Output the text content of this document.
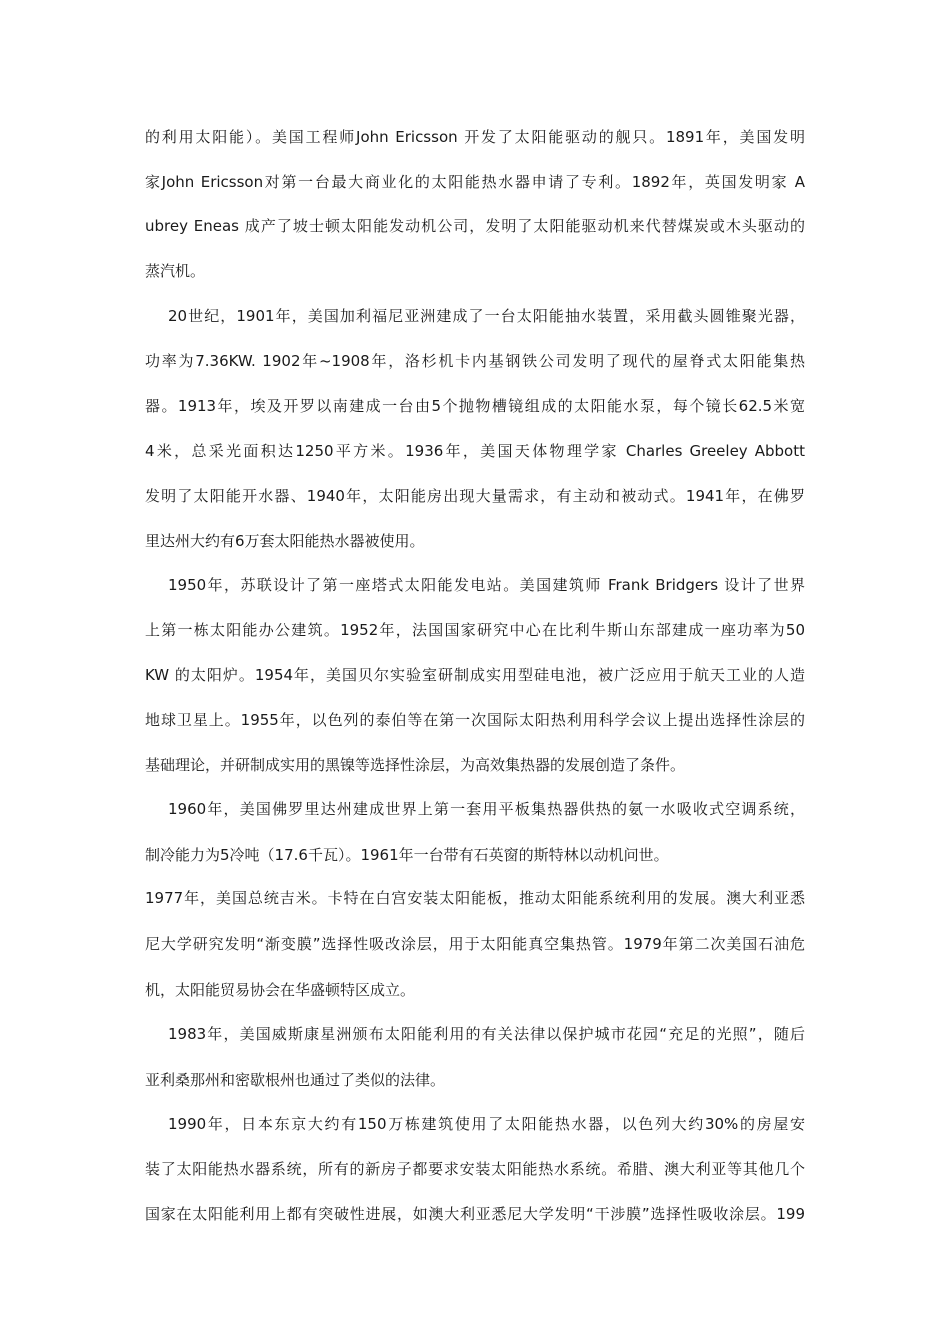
的利用太阳能）。美国工程师John Ericsson 开发了太阳能驱动的舰只。1891年，美国发明
家John Ericsson对第一台最大商业化的太阳能热水器申请了专利。1892年，英国发明家 A
ubrey Eneas 成产了坡士顿太阳能发动机公司，发明了太阳能驱动机来代替煤炭或木头驱动的
蒸汽机。
20世纪，1901年，美国加利福尼亚洲建成了一台太阳能抽水装置，采用截头圆锥聚光器，
功率为7.36KW. 1902年~1908年，洛杉机卡内基钢铁公司发明了现代的屋脊式太阳能集热
器。1913年，埃及开罗以南建成一台由5个抛物槽镜组成的太阳能水泵，每个镜长62.5米宽
4米，总采光面积达1250平方米。1936年，美国天体物理学家 Charles Greeley Abbott
发明了太阳能开水器、1940年，太阳能房出现大量需求，有主动和被动式。1941年，在佛罗
里达州大约有6万套太阳能热水器被使用。
1950年，苏联设计了第一座塔式太阳能发电站。美国建筑师 Frank Bridgers 设计了世界
上第一栋太阳能办公建筑。1952年，法国国家研究中心在比利牛斯山东部建成一座功率为50
KW 的太阳炉。1954年，美国贝尔实验室研制成实用型硅电池，被广泛应用于航天工业的人造
地球卫星上。1955年，以色列的泰伯等在第一次国际太阳热利用科学会议上提出选择性涂层的
基础理论，并研制成实用的黑镍等选择性涂层，为高效集热器的发展创造了条件。
1960年，美国佛罗里达州建成世界上第一套用平板集热器供热的氨一水吸收式空调系统，
制冷能力为5冷吨（17.6千瓦）。1961年一台带有石英窗的斯特林以动机问世。
1977年，美国总统吉米。卡特在白宫安装太阳能板，推动太阳能系统利用的发展。澳大利亚悉
尼大学研究发明“渐变膜”选择性吸改涂层，用于太阳能真空集热管。1979年第二次美国石油危
机，太阳能贸易协会在华盛顿特区成立。
1983年，美国威斯康星洲颁布太阳能利用的有关法律以保护城市花园“充足的光照”，随后
亚利桑那州和密歇根州也通过了类似的法律。
1990年，日本东京大约有150万栋建筑使用了太阳能热水器，以色列大约30%的房屋安
装了太阳能热水器系统，所有的新房子都要求安装太阳能热水系统。希腊、澳大利亚等其他几个
国家在太阳能利用上都有突破性进展，如澳大利亚悉尼大学发明“干涉膜”选择性吸收涂层。199
